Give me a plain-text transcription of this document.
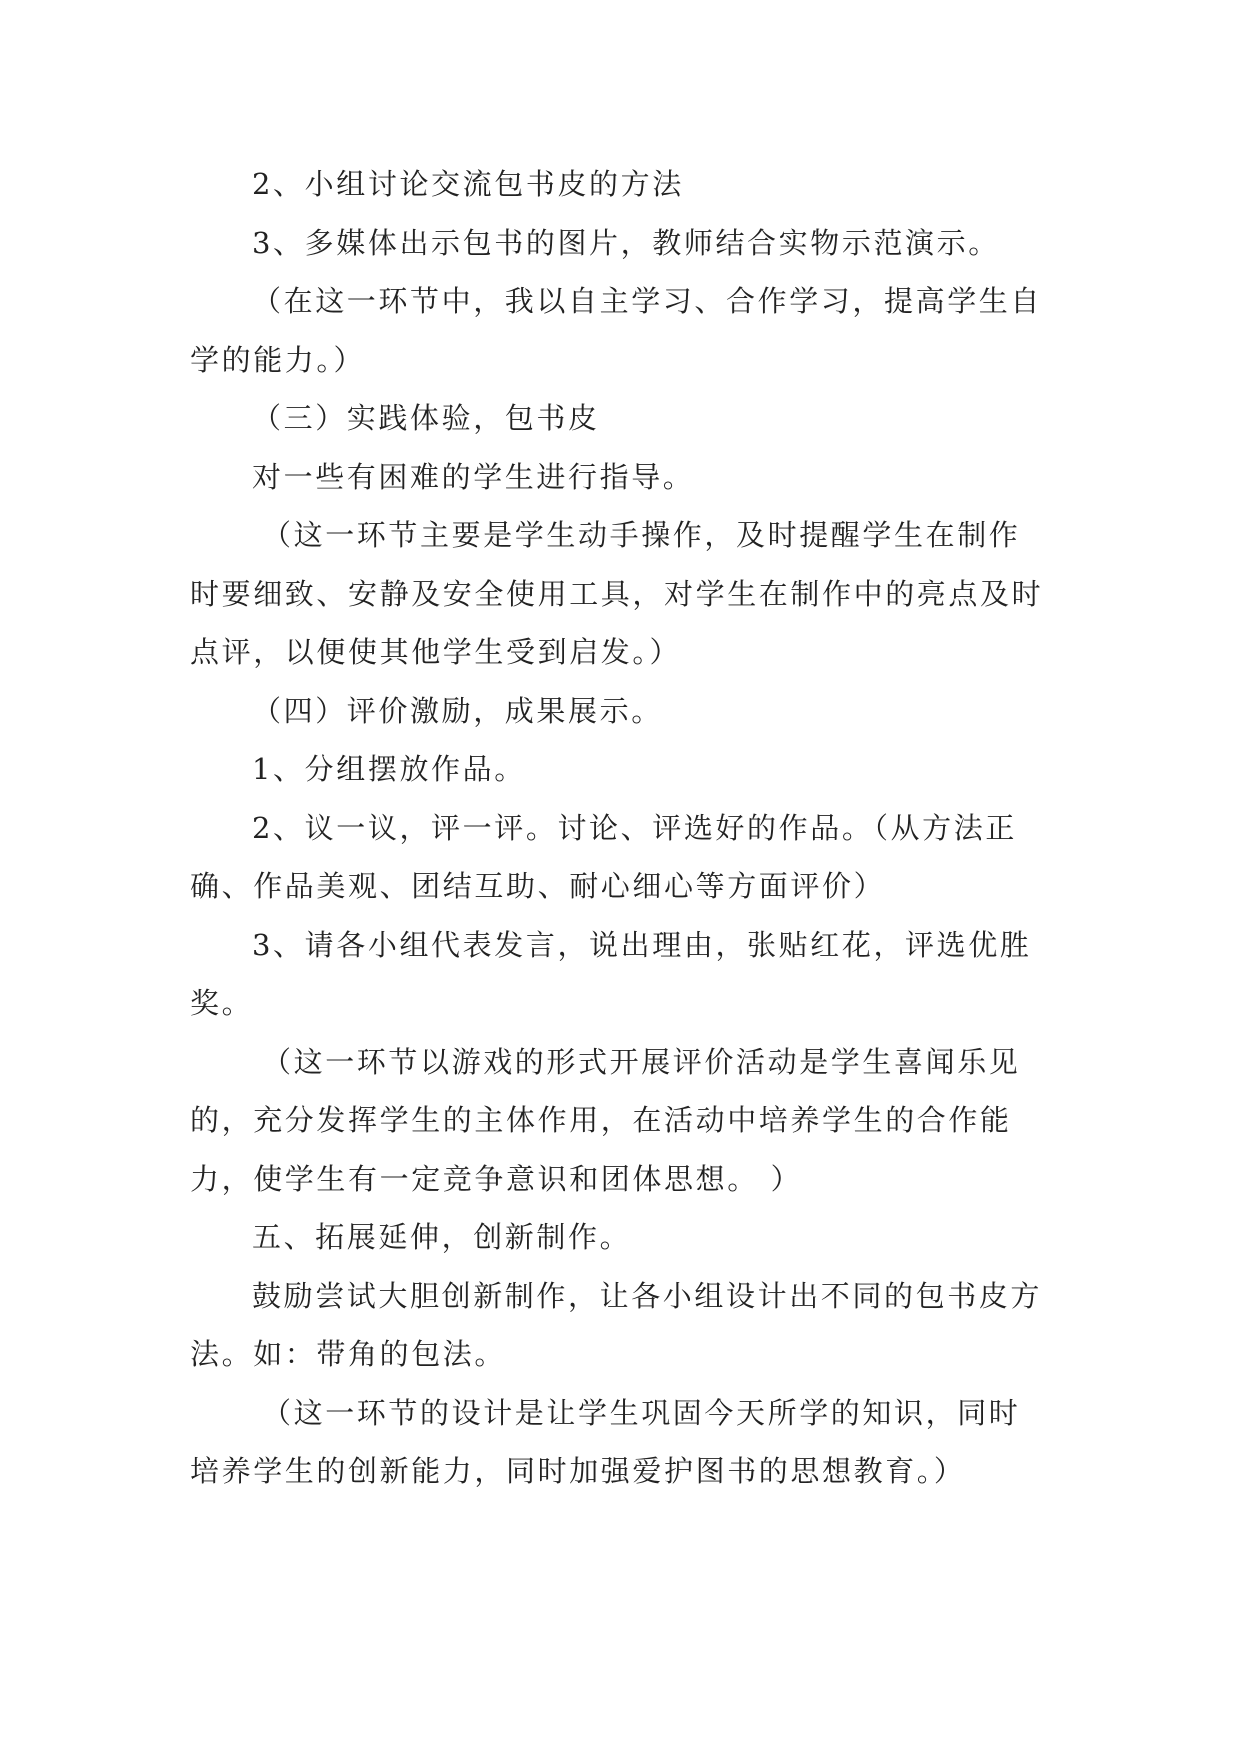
2、小组讨论交流包书皮的方法

3、多媒体出示包书的图片，教师结合实物示范演示。

（在这一环节中，我以自主学习、合作学习，提高学生自学的能力。）

（三）实践体验，包书皮

对一些有困难的学生进行指导。

（这一环节主要是学生动手操作，及时提醒学生在制作时要细致、安静及安全使用工具，对学生在制作中的亮点及时点评，以便使其他学生受到启发。）

（四）评价激励，成果展示。

1、分组摆放作品。

2、议一议，评一评。讨论、评选好的作品。（从方法正确、作品美观、团结互助、耐心细心等方面评价）

3、请各小组代表发言，说出理由，张贴红花，评选优胜奖。

（这一环节以游戏的形式开展评价活动是学生喜闻乐见的，充分发挥学生的主体作用，在活动中培养学生的合作能力，使学生有一定竞争意识和团体思想。 ）

五、拓展延伸，创新制作。

鼓励尝试大胆创新制作，让各小组设计出不同的包书皮方法。如：带角的包法。

（这一环节的设计是让学生巩固今天所学的知识，同时培养学生的创新能力，同时加强爱护图书的思想教育。）
